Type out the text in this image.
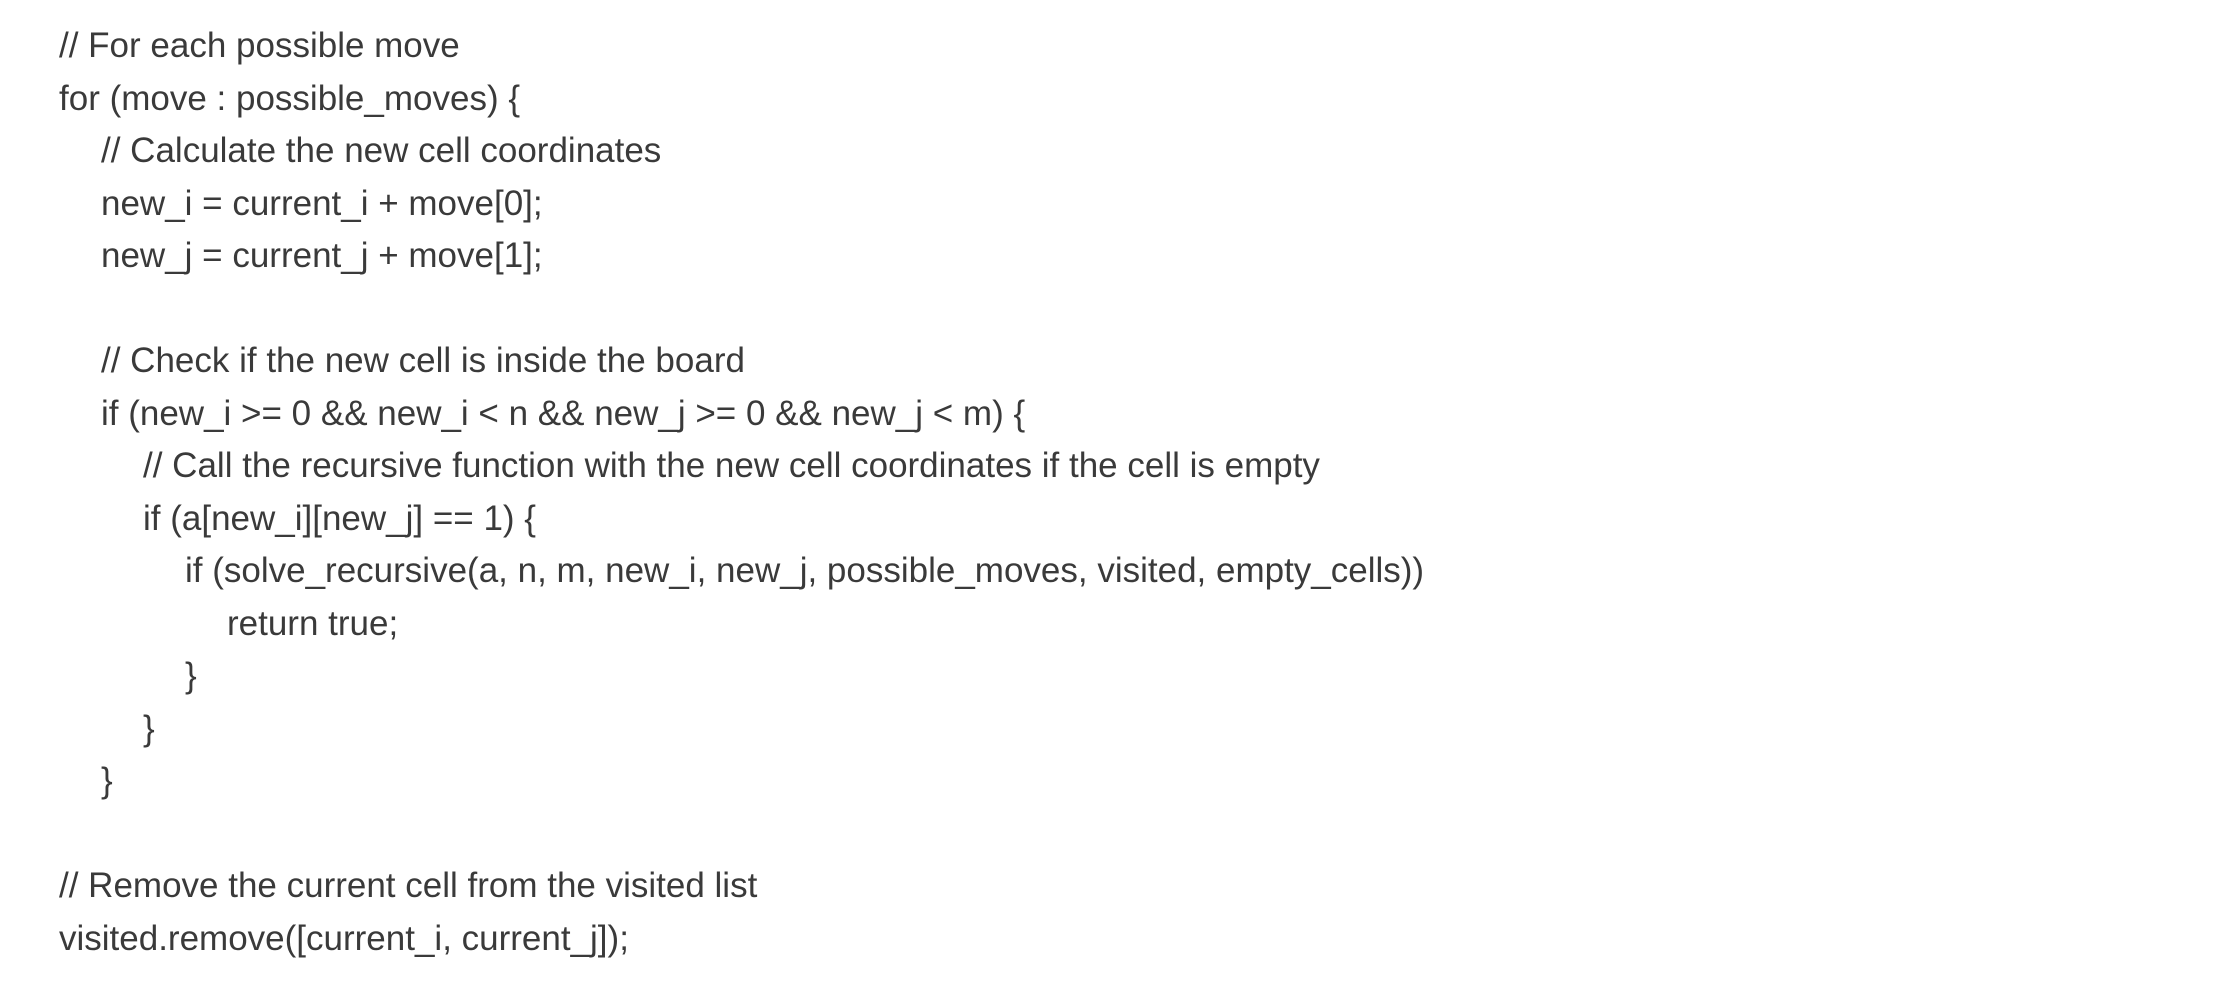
// For each possible move
for (move : possible_moves) {
// Calculate the new cell coordinates
new_i = current_i + move[0];
new_j = current_j + move[1];
// Check if the new cell is inside the board
if (new_i >= 0 && new_i < n && new_j >= 0 && new_j < m) {
// Call the recursive function with the new cell coordinates if the cell is empty
if (a[new_i][new_j] == 1) {
if (solve_recursive(a, n, m, new_i, new_j, possible_moves, visited, empty_cells))
return true;
}
}
}
// Remove the current cell from the visited list
visited.remove([current_i, current_j]);
